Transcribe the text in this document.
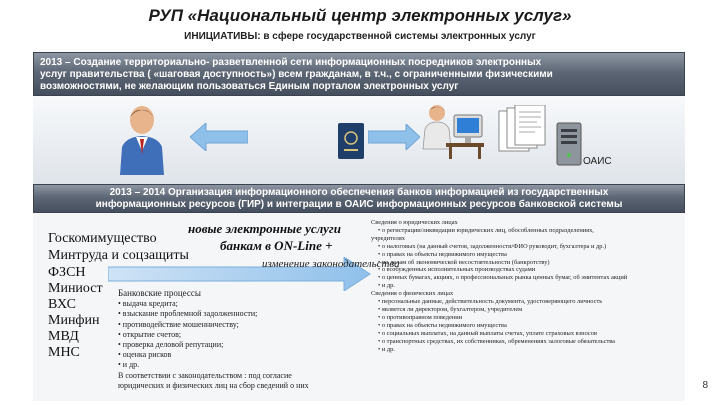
РУП «Национальный центр электронных услуг»
ИНИЦИАТИВЫ: в сфере государственной системы электронных услуг
2013 – Создание территориально- разветвленной сети информационных посредников электронных
услуг правительства ( «шаговая доступность») всем гражданам, в т.ч., с ограниченными физическими
возможностями, не желающим пользоваться Единым порталом электронных услуг
ОАИС
2013 – 2014 Организация информационного обеспечения банков информацией из государственных
информационных ресурсов (ГИР) и интеграции в ОАИС информационных ресурсов банковской системы
Госкомимущество
Минтруда и соцзащиты
ФЗСН
Миниост
ВХС
Минфин
МВД
МНС
новые электронные услуги
банкам в ON-Line +
изменение законодательства
Банковские процессы
• выдача кредита;
• взыскание проблемной задолженности;
• противодействие мошенничеству;
• открытие счетов;
• проверка деловой репутации;
• оценка рисков
• и др.
В соответствии с законодательством : под согласие
юридических и физических лиц на сбор сведений о них
Сведения о юридических лицах
• о регистрации/ликвидации юридических лиц, обособленных подразделениях,
учредителях
• о налоговых (на данный счетов, задолженности/ФИО руководит, бухгалтера и др.)
• о правах на объекты недвижимого имущества
• по делам об экономической несостоятельности (банкротству)
• о возбужденных исполнительных производствах судами
• о ценных бумагах, акциях, о профессиональных рынка ценных бумаг, об эмитентах акций
• и др.
Сведения о физических лицах
• персональные данные, действительность документа, удостоверяющего личность
• является ли директором, бухгалтером, учредителем
• о противоправном поведении
• о правах на объекты недвижимого имущества
• о социальных выплатах, на данный выплаты счетах, уплате страховых взносов
• о транспортных средствах, их собственниках, обременениях залоговые обязательства
• и др.
8
